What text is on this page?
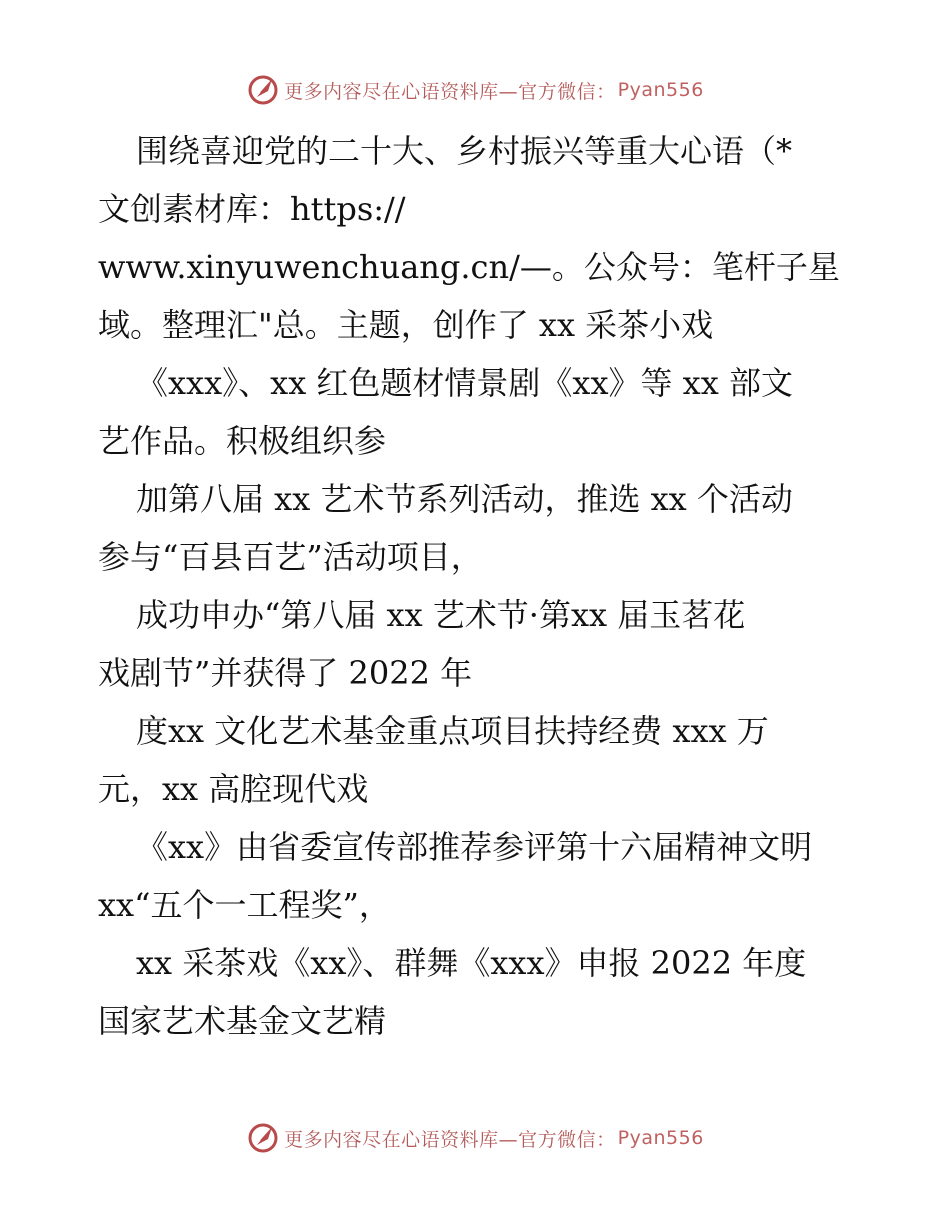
更多内容尽在心语资料库—官方微信： Pyan556
围绕喜迎党的二十大、乡村振兴等重大心语（*
文创素材库：https://
www.xinyuwenchuang.cn/—。公众号：笔杆子星
域。整理汇"总。主题，创作了 xx 采茶小戏
《xxx》、xx 红色题材情景剧《xx》等 xx 部文
艺作品。积极组织参
加第八届 xx 艺术节系列活动，推选 xx 个活动
参与“百县百艺”活动项目，
成功申办“第八届 xx 艺术节·第xx 届玉茗花
戏剧节”并获得了 2022 年
度xx 文化艺术基金重点项目扶持经费 xxx 万
元，xx 高腔现代戏
《xx》由省委宣传部推荐参评第十六届精神文明
xx“五个一工程奖”，
xx 采茶戏《xx》、群舞《xxx》申报 2022 年度
国家艺术基金文艺精
更多内容尽在心语资料库—官方微信： Pyan556
